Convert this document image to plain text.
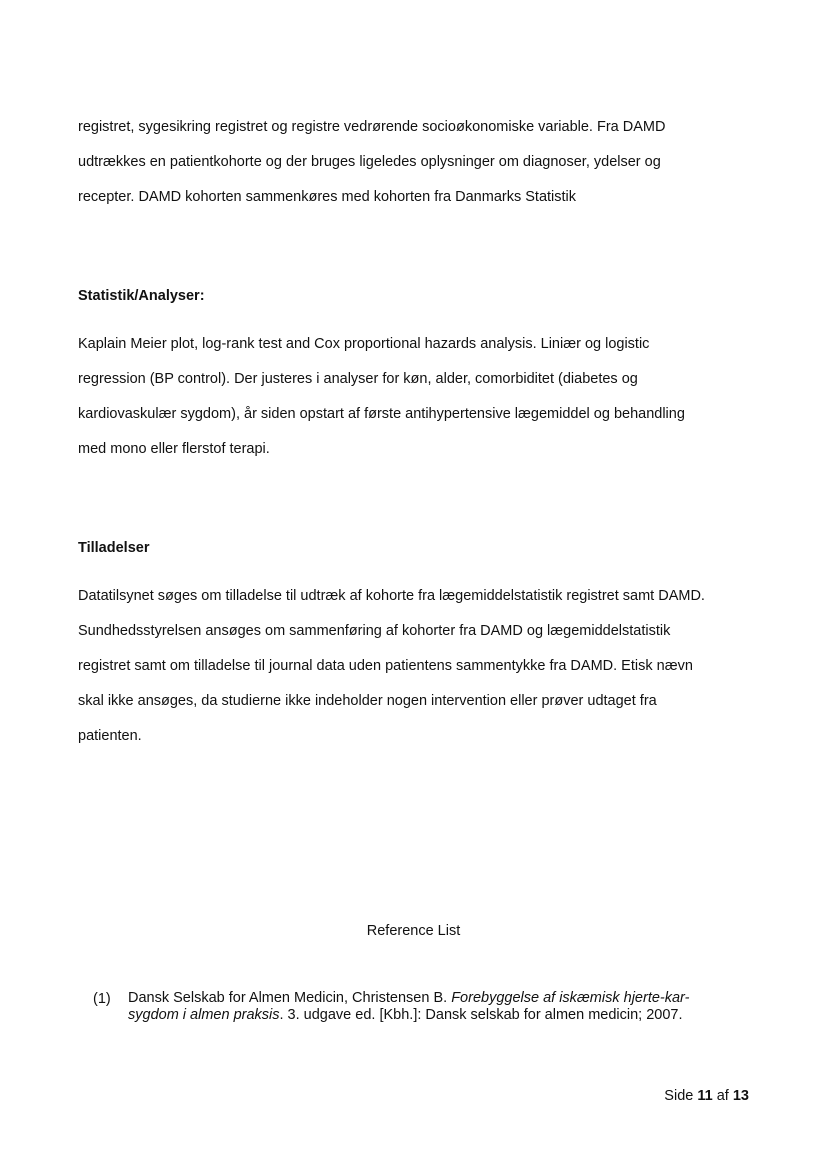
registret, sygesikring registret og registre vedrørende socioøkonomiske variable. Fra DAMD
udtrækkes en patientkohorte og der bruges ligeledes oplysninger om diagnoser, ydelser og
recepter. DAMD kohorten sammenkøres med kohorten fra Danmarks Statistik
Statistik/Analyser:
Kaplain Meier plot, log-rank test and Cox proportional hazards analysis. Liniær og logistic
regression (BP control). Der justeres i analyser for køn, alder, comorbiditet (diabetes og
kardiovaskulær sygdom), år siden opstart af første antihypertensive lægemiddel og behandling
med mono eller flerstof terapi.
Tilladelser
Datatilsynet søges om tilladelse til udtræk af kohorte fra lægemiddelstatistik registret samt DAMD.
Sundhedsstyrelsen ansøges om sammenføring af kohorter fra DAMD og lægemiddelstatistik
registret samt om tilladelse til journal data uden patientens sammentykke fra DAMD. Etisk nævn
skal ikke ansøges, da studierne ikke indeholder nogen intervention eller prøver udtaget fra
patienten.
Reference List
(1) Dansk Selskab for Almen Medicin, Christensen B. Forebyggelse af iskæmisk hjerte-kar-sygdom i almen praksis. 3. udgave ed. [Kbh.]: Dansk selskab for almen medicin; 2007.
Side 11 af 13
